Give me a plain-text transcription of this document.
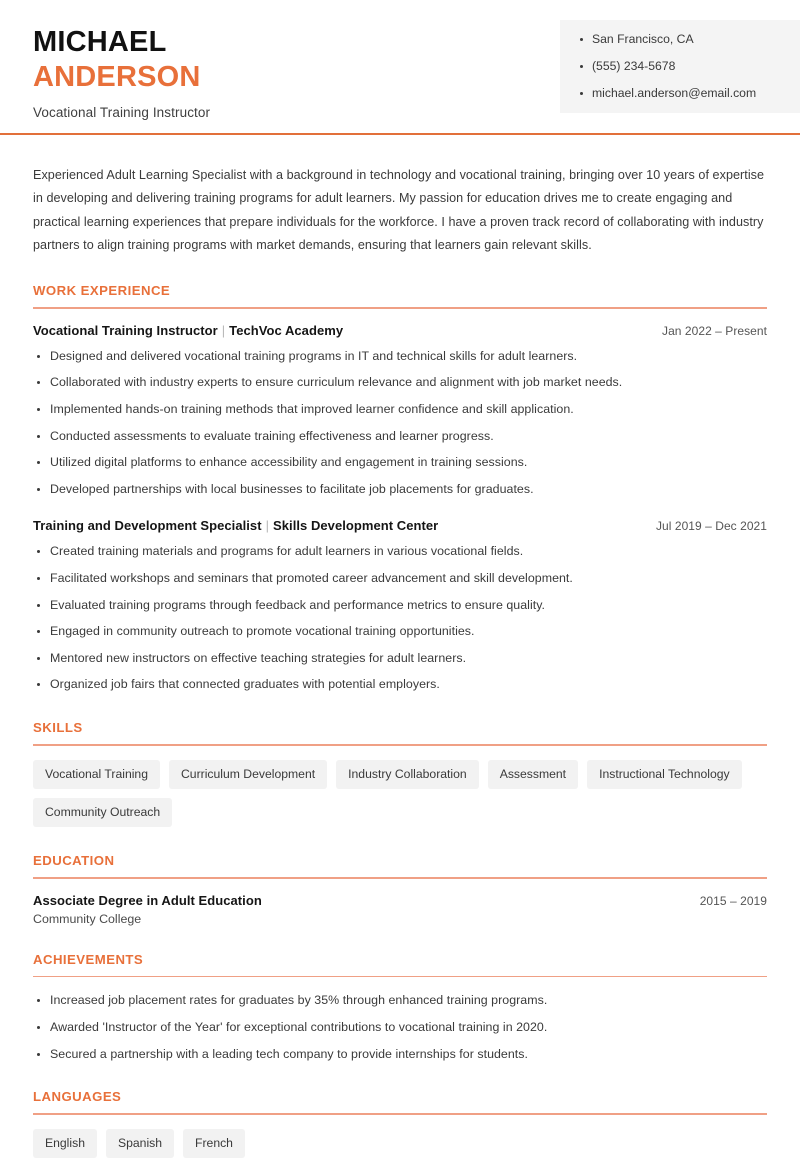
MICHAEL
ANDERSON
Vocational Training Instructor
San Francisco, CA
(555) 234-5678
michael.anderson@email.com

Experienced Adult Learning Specialist with a background in technology and vocational training, bringing over 10 years of expertise in developing and delivering training programs for adult learners. My passion for education drives me to create engaging and practical learning experiences that prepare individuals for the workforce. I have a proven track record of collaborating with industry partners to align training programs with market demands, ensuring that learners gain relevant skills.

WORK EXPERIENCE
Vocational Training Instructor | TechVoc Academy	Jan 2022 – Present
Designed and delivered vocational training programs in IT and technical skills for adult learners.
Collaborated with industry experts to ensure curriculum relevance and alignment with job market needs.
Implemented hands-on training methods that improved learner confidence and skill application.
Conducted assessments to evaluate training effectiveness and learner progress.
Utilized digital platforms to enhance accessibility and engagement in training sessions.
Developed partnerships with local businesses to facilitate job placements for graduates.
Training and Development Specialist | Skills Development Center	Jul 2019 – Dec 2021
Created training materials and programs for adult learners in various vocational fields.
Facilitated workshops and seminars that promoted career advancement and skill development.
Evaluated training programs through feedback and performance metrics to ensure quality.
Engaged in community outreach to promote vocational training opportunities.
Mentored new instructors on effective teaching strategies for adult learners.
Organized job fairs that connected graduates with potential employers.
SKILLS
Vocational Training	Curriculum Development	Industry Collaboration	Assessment	Instructional Technology
Community Outreach
EDUCATION
Associate Degree in Adult Education	2015 – 2019
Community College
ACHIEVEMENTS
Increased job placement rates for graduates by 35% through enhanced training programs.
Awarded 'Instructor of the Year' for exceptional contributions to vocational training in 2020.
Secured a partnership with a leading tech company to provide internships for students.
LANGUAGES
English	Spanish	French
